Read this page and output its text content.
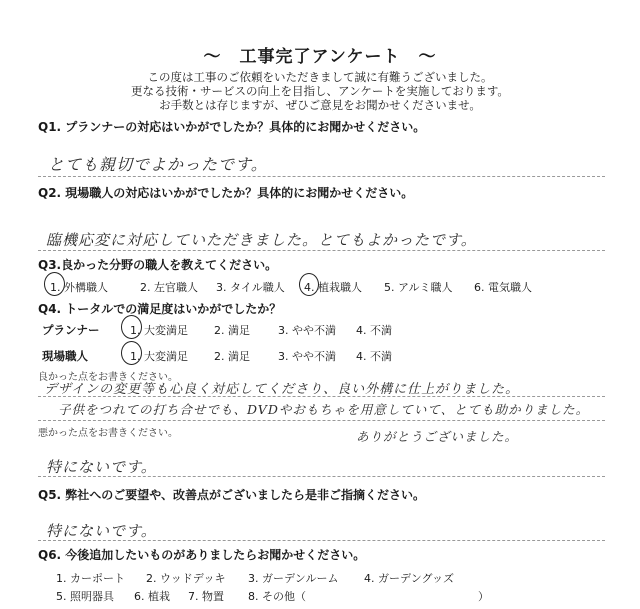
～　工事完了アンケート　～
この度は工事のご依頼をいただきまして誠に有難うございました。
更なる技術・サービスの向上を目指し、アンケートを実施しております。
お手数とは存じますが、ぜひご意見をお聞かせくださいませ。
Q1. プランナーの対応はいかがでしたか？具体的にお聞かせください。
とても親切でよかったです。
Q2. 現場職人の対応はいかがでしたか？具体的にお聞かせください。
臨機応変に対応していただきました。とてもよかったです。
Q3.良かった分野の職人を教えてください。
1. 外構職人	2. 左官職人 3. タイル職人 4. 植栽職人 5. アルミ職人 6. 電気職人
Q4. トータルでの満足度はいかがでしたか？
プランナー	1. 大変満足 2. 満足	3. やや不満 4. 不満
現場職人	1. 大変満足 2. 満足	3. やや不満 4. 不満
良かった点をお書きください。
デザインの変更等も心良く対応してくださり、良い外構に仕上がりました。
子供をつれての打ち合せでも、DVDやおもちゃを用意していて、とても助かりました。
ありがとうございました。
悪かった点をお書きください。
特にないです。
Q5. 弊社へのご要望や、改善点がございましたら是非ご指摘ください。
特にないです。
Q6. 今後追加したいものがありましたらお聞かせください。
1. カーポート 2. ウッドデッキ 3. ガーデンルーム 4. ガーデングッズ
5. 照明器具 6. 植栽 7. 物置 8. その他（	）
